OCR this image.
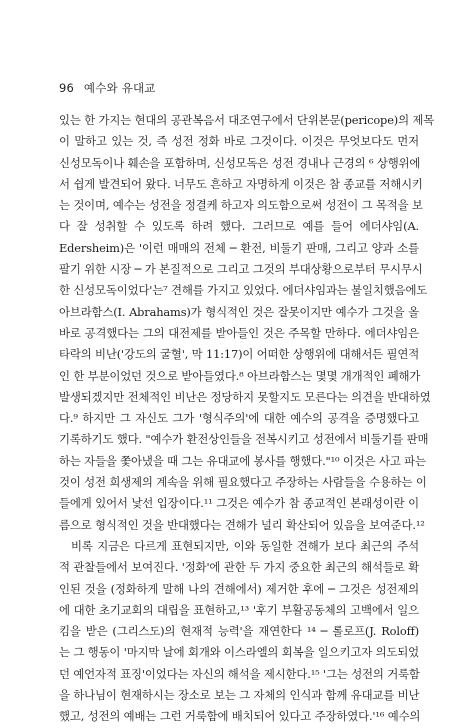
96 예수와 유대교
있는 한 가지는 현대의 공관복음서 대조연구에서 단위본문(pericope)의 제목
이 말하고 있는 것, 즉 성전 정화 바로 그것이다. 이것은 무엇보다도 먼저
신성모독이나 훼손을 포함하며, 신성모독은 성전 경내나 근경의 ⁶ 상행위에
서 쉽게 발견되어 왔다. 너무도 흔하고 자명하게 이것은 참 종교를 저해시키
는 것이며, 예수는 성전을 정결케 하고자 의도함으로써 성전이 그 목적을 보
다 잘 성취할 수 있도록 하려 했다. 그러므로 예를 들어 에더샤임(A.
Edersheim)은 '이런 매매의 전체 ─ 환전, 비둘기 판매, 그리고 양과 소를
팔기 위한 시장 ─ 가 본질적으로 그리고 그것의 부대상황으로부터 무시무시
한 신성모독이었다'는⁷ 견해를 가지고 있었다. 에더샤임과는 불일치했음에도
아브라함스(I. Abrahams)가 형식적인 것은 잘못이지만 예수가 그것을 올
바로 공격했다는 그의 대전제를 받아들인 것은 주목할 만하다. 에더샤임은
타락의 비난('강도의 굴혈', 막 11:17)이 어떠한 상행위에 대해서든 필연적
인 한 부분이었던 것으로 받아들였다.⁸ 아브라함스는 몇몇 개개적인 폐해가
발생되겠지만 전체적인 비난은 정당하지 못할지도 모른다는 의견을 반대하였
다.⁹ 하지만 그 자신도 그가 '형식주의'에 대한 예수의 공격을 증명했다고
기록하기도 했다. "예수가 환전상인들을 전복시키고 성전에서 비둘기를 판매
하는 자들을 쫓아냈을 때 그는 유대교에 봉사를 행했다."¹⁰ 이것은 사고 파는
것이 성전 희생제의 계속을 위해 필요했다고 주장하는 사람들을 수용하는 이
들에게 있어서 낯선 입장이다.¹¹ 그것은 예수가 참 종교적인 본래성이란 이
름으로 형식적인 것을 반대했다는 견해가 널리 확산되어 있음을 보여준다.¹²
비록 지금은 다르게 표현되지만, 이와 동일한 견해가 보다 최근의 주석
적 관찰들에서 보여진다. '정화'에 관한 두 가지 중요한 최근의 해석들로 확
인된 것을 (정화하게 말해 나의 견해에서) 제거한 후에 ─ 그것은 성전제의
에 대한 초기교회의 대립을 표현하고,¹³ '후기 부활공동체의 고백에서 일으
킴을 받은 (그리스도)의 현재적 능력'을 재연한다 ¹⁴ ─ 롤로프(J. Roloff)
는 그 행동이 '마지막 날에 회개와 이스라엘의 회복을 일으키고자 의도되었
던 예언자적 표징'이었다는 자신의 해석을 제시한다.¹⁵ '그는 성전의 거룩함
을 하나님이 현재하시는 장소로 보는 그 자체의 인식과 함께 유대교를 비난
했고, 성전의 예배는 그런 거룩함에 배치되어 있다고 주장하였다.'¹⁶ 예수의
